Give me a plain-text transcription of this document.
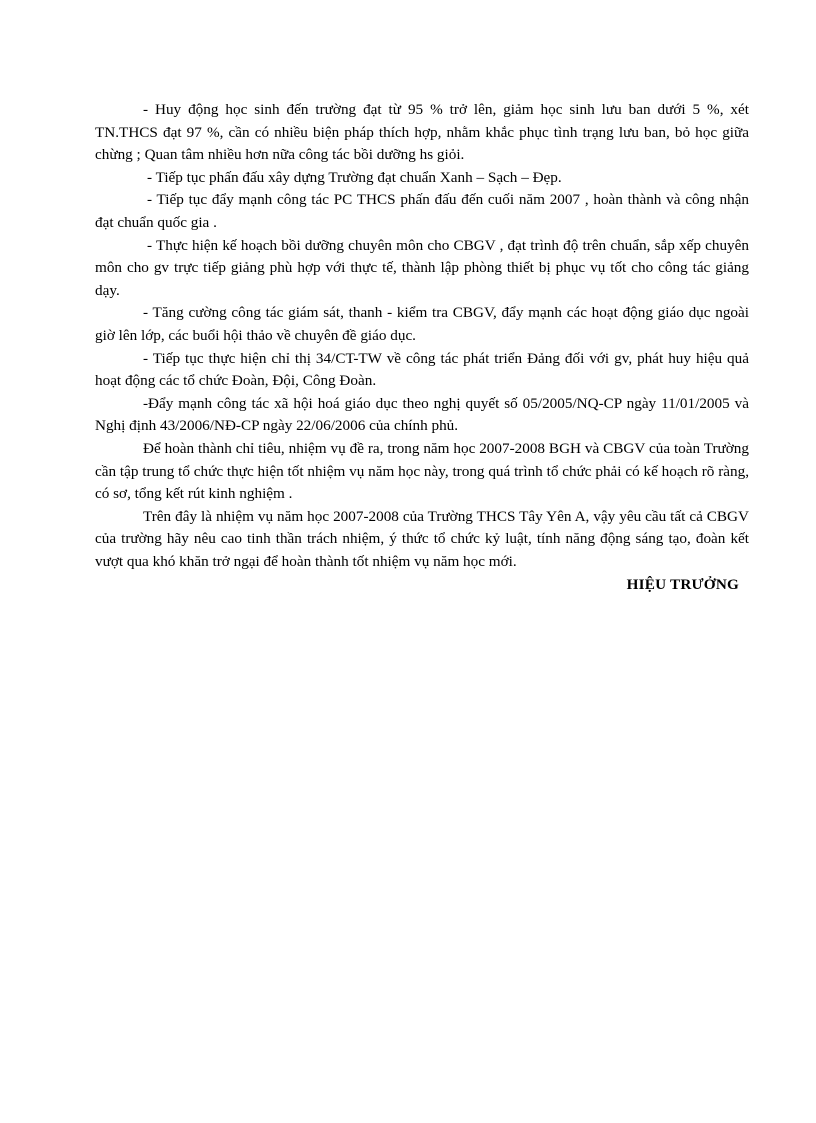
- Huy động học sinh đến trường đạt từ 95 % trở lên, giảm học sinh lưu ban dưới 5 %, xét TN.THCS đạt 97 %, cần có nhiều biện pháp thích hợp, nhằm khắc phục tình trạng lưu ban, bỏ học giữa chừng ; Quan tâm nhiều hơn nữa công tác bồi dưỡng hs giỏi.

- Tiếp tục phấn đấu xây dựng Trường đạt chuẩn Xanh – Sạch – Đẹp.

- Tiếp tục đẩy mạnh công tác PC THCS phấn đấu đến cuối năm 2007 , hoàn thành và công nhận đạt chuẩn quốc gia .

- Thực hiện kế hoạch bồi dưỡng chuyên môn cho CBGV , đạt trình độ trên chuẩn, sắp xếp chuyên môn cho gv trực tiếp giảng phù hợp với thực tế, thành lập phòng thiết bị phục vụ tốt cho công tác giảng dạy.

- Tăng cường công tác giám sát, thanh - kiểm tra CBGV, đẩy mạnh các hoạt động giáo dục ngoài giờ lên lớp, các buổi hội thảo về chuyên đề giáo dục.

- Tiếp tục thực hiện chỉ thị 34/CT-TW về công tác phát triển Đảng đối với gv, phát huy hiệu quả hoạt động các tổ chức Đoàn, Đội, Công Đoàn.

-Đẩy mạnh công tác xã hội hoá giáo dục theo nghị quyết số 05/2005/NQ-CP ngày 11/01/2005 và Nghị định 43/2006/NĐ-CP ngày 22/06/2006 của chính phủ.

Để hoàn thành chỉ tiêu, nhiệm vụ đề ra, trong năm học 2007-2008 BGH và CBGV của toàn Trường cần tập trung tổ chức thực hiện tốt nhiệm vụ năm học này, trong quá trình tổ chức phải có kế hoạch rõ ràng, có sơ, tổng kết rút kinh nghiệm .

Trên đây là nhiệm vụ năm học 2007-2008 của Trường THCS Tây Yên A, vậy yêu cầu tất cả CBGV của trường hãy nêu cao tinh thần trách nhiệm, ý thức tổ chức kỷ luật, tính năng động sáng tạo, đoàn kết vượt qua khó khăn trở ngại để hoàn thành tốt nhiệm vụ năm học mới.

HIỆU TRƯỞNG
